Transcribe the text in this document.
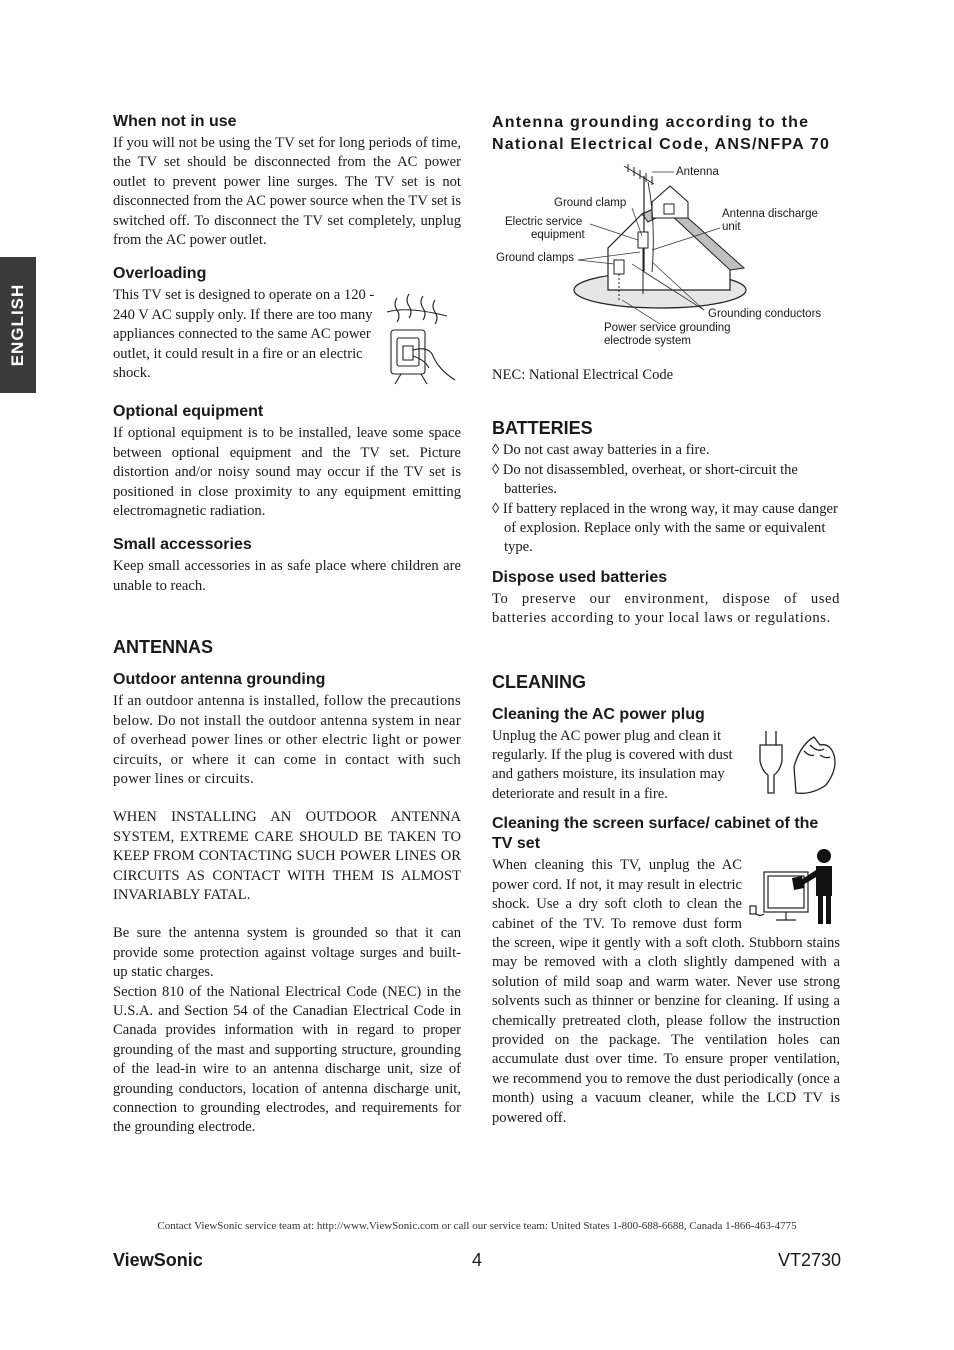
ENGLISH
When not in use

If you will not be using the TV set for long periods of time, the TV set should be disconnected from the AC power outlet to prevent power line surges. The TV set is not disconnected from the AC power source when the TV set is switched off. To disconnect the TV set completely, unplug from the AC power outlet.

Overloading

This TV set is designed to operate on a 120 - 240 V AC supply only. If there are too many appliances connected to the same AC power outlet, it could result in a fire or an electric shock.

Optional equipment

If optional equipment is to be installed, leave some space between optional equipment and the TV set. Picture distortion and/or noisy sound may occur if the TV set is positioned in close proximity to any equipment emitting electromagnetic radiation.

Small accessories

Keep small accessories in as safe place where children are unable to reach.

ANTENNAS
Outdoor antenna grounding

If an outdoor antenna is installed, follow the precautions below. Do not install the outdoor antenna system in near of overhead power lines or other electric light or power circuits, or where it can come in contact with such power lines or circuits.

WHEN INSTALLING AN OUTDOOR ANTENNA SYSTEM, EXTREME CARE SHOULD BE TAKEN TO KEEP FROM CONTACTING SUCH POWER LINES OR CIRCUITS AS CONTACT WITH THEM IS ALMOST INVARIABLY FATAL.

Be sure the antenna system is grounded so that it can provide some protection against voltage surges and built-up static charges.

Section 810 of the National Electrical Code (NEC) in the U.S.A. and Section 54 of the Canadian Electrical Code in Canada provides information with in regard to proper grounding of the mast and supporting structure, grounding of the lead-in wire to an antenna discharge unit, size of grounding conductors, location of antenna discharge unit, connection to grounding electrodes, and requirements for the grounding electrode.

Antenna grounding according to the National Electrical Code, ANS/NFPA 70
Antenna
Ground clamp
Electric service
equipment
Antenna discharge
unit
Ground clamps
Grounding conductors
Power service grounding
electrode system

NEC: National Electrical Code

BATTERIES
◊ Do not cast away batteries in a fire.
◊ Do not disassembled, overheat, or short-circuit the batteries.
◊ If battery replaced in the wrong way, it may cause danger of explosion. Replace only with the same or equivalent type.
Dispose used batteries

To preserve our environment, dispose of used batteries according to your local laws or regulations.

CLEANING
Cleaning the AC power plug

Unplug the AC power plug and clean it regularly. If the plug is covered with dust and gathers moisture, its insulation may deteriorate and result in a fire.

Cleaning the screen surface/ cabinet of the TV set

When cleaning this TV, unplug the AC power cord. If not, it may result in electric shock. Use a dry soft cloth to clean the cabinet of the TV. To remove dust form the screen, wipe it gently with a soft cloth. Stubborn stains may be removed with a cloth slightly dampened with a solution of mild soap and warm water. Never use strong solvents such as thinner or benzine for cleaning. If using a chemically pretreated cloth, please follow the instruction provided on the package. The ventilation holes can accumulate dust over time. To ensure proper ventilation, we recommend you to remove the dust periodically (once a month) using a vacuum cleaner, while the LCD TV is powered off.

Contact ViewSonic service team at: http://www.ViewSonic.com or call our service team: United States 1-800-688-6688, Canada 1-866-463-4775
ViewSonic	4	VT2730
